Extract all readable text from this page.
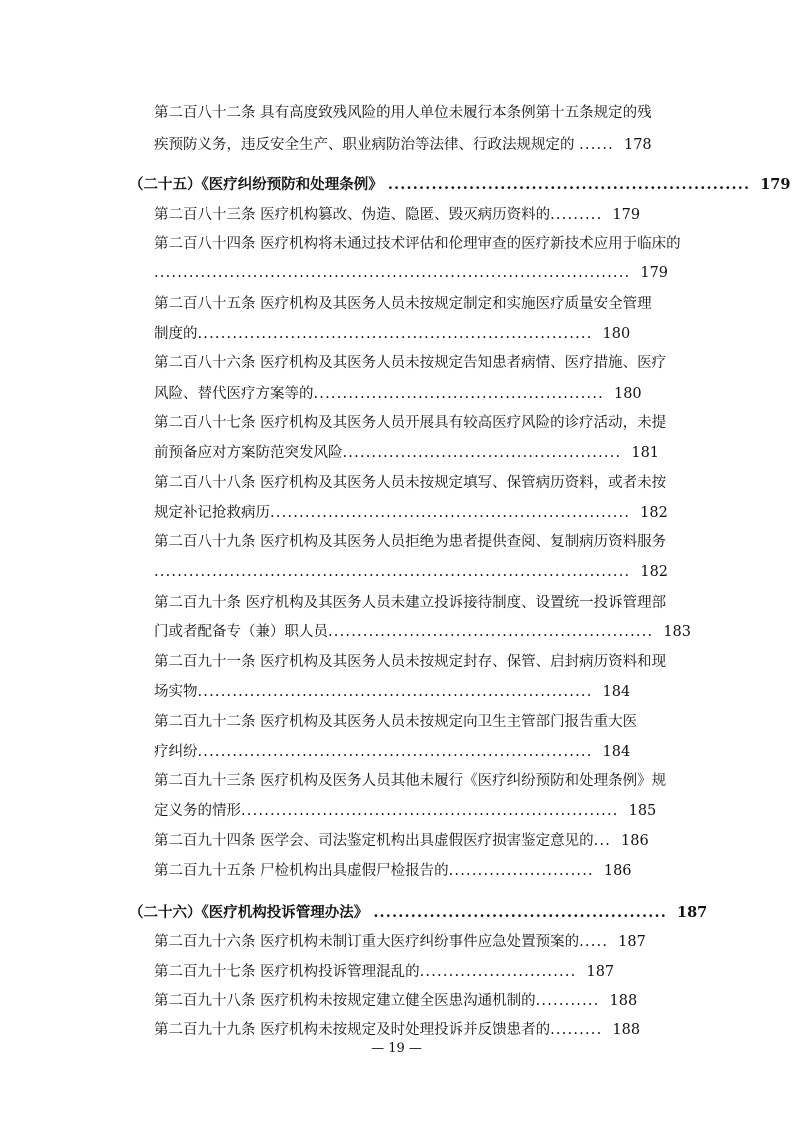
第二百八十二条 具有高度致残风险的用人单位未履行本条例第十五条规定的残
疾预防义务，违反安全生产、职业病防治等法律、行政法规规定的 ...... 178
（二十五）《医疗纠纷预防和处理条例》 .......................................................... 179
第二百八十三条 医疗机构篡改、伪造、隐匿、毁灭病历资料的......... 179
第二百八十四条 医疗机构将未通过技术评估和伦理审查的医疗新技术应用于临床的
.................................................................................. 179
第二百八十五条 医疗机构及其医务人员未按规定制定和实施医疗质量安全管理
制度的.................................................................... 180
第二百八十六条 医疗机构及其医务人员未按规定告知患者病情、医疗措施、医疗
风险、替代医疗方案等的.................................................. 180
第二百八十七条 医疗机构及其医务人员开展具有较高医疗风险的诊疗活动，未提
前预备应对方案防范突发风险................................................ 181
第二百八十八条 医疗机构及其医务人员未按规定填写、保管病历资料，或者未按
规定补记抢救病历.............................................................. 182
第二百八十九条 医疗机构及其医务人员拒绝为患者提供查阅、复制病历资料服务
.................................................................................. 182
第二百九十条 医疗机构及其医务人员未建立投诉接待制度、设置统一投诉管理部
门或者配备专（兼）职人员........................................................ 183
第二百九十一条 医疗机构及其医务人员未按规定封存、保管、启封病历资料和现
场实物.................................................................... 184
第二百九十二条 医疗机构及其医务人员未按规定向卫生主管部门报告重大医
疗纠纷.................................................................... 184
第二百九十三条 医疗机构及医务人员其他未履行《医疗纠纷预防和处理条例》规
定义务的情形................................................................. 185
第二百九十四条 医学会、司法鉴定机构出具虚假医疗损害鉴定意见的... 186
第二百九十五条 尸检机构出具虚假尸检报告的......................... 186
（二十六）《医疗机构投诉管理办法》 ............................................... 187
第二百九十六条 医疗机构未制订重大医疗纠纷事件应急处置预案的..... 187
第二百九十七条 医疗机构投诉管理混乱的........................... 187
第二百九十八条 医疗机构未按规定建立健全医患沟通机制的........... 188
第二百九十九条 医疗机构未按规定及时处理投诉并反馈患者的......... 188
— 19 —
